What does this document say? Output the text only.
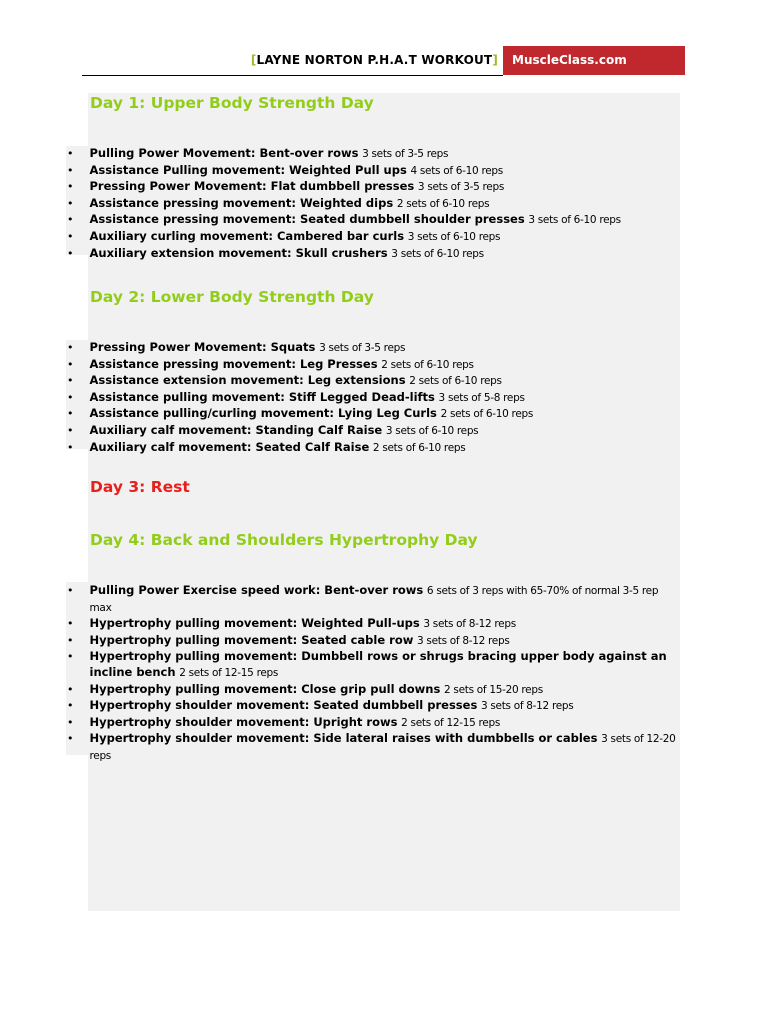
[LAYNE NORTON P.H.A.T WORKOUT]	MuscleClass.com
Day 1: Upper Body Strength Day
• Pulling Power Movement: Bent-over rows 3 sets of 3-5 reps
• Assistance Pulling movement: Weighted Pull ups 4 sets of 6-10 reps
• Pressing Power Movement: Flat dumbbell presses 3 sets of 3-5 reps
• Assistance pressing movement: Weighted dips 2 sets of 6-10 reps
• Assistance pressing movement: Seated dumbbell shoulder presses 3 sets of 6-10 reps
• Auxiliary curling movement: Cambered bar curls 3 sets of 6-10 reps
• Auxiliary extension movement: Skull crushers 3 sets of 6-10 reps
Day 2: Lower Body Strength Day
• Pressing Power Movement: Squats 3 sets of 3-5 reps
• Assistance pressing movement: Leg Presses 2 sets of 6-10 reps
• Assistance extension movement: Leg extensions 2 sets of 6-10 reps
• Assistance pulling movement: Stiff Legged Dead-lifts 3 sets of 5-8 reps
• Assistance pulling/curling movement: Lying Leg Curls 2 sets of 6-10 reps
• Auxiliary calf movement: Standing Calf Raise 3 sets of 6-10 reps
• Auxiliary calf movement: Seated Calf Raise 2 sets of 6-10 reps
Day 3: Rest
Day 4: Back and Shoulders Hypertrophy Day
• Pulling Power Exercise speed work: Bent-over rows 6 sets of 3 reps with 65-70% of normal 3-5 rep max
• Hypertrophy pulling movement: Weighted Pull-ups 3 sets of 8-12 reps
• Hypertrophy pulling movement: Seated cable row 3 sets of 8-12 reps
• Hypertrophy pulling movement: Dumbbell rows or shrugs bracing upper body against an incline bench 2 sets of 12-15 reps
• Hypertrophy pulling movement: Close grip pull downs 2 sets of 15-20 reps
• Hypertrophy shoulder movement: Seated dumbbell presses 3 sets of 8-12 reps
• Hypertrophy shoulder movement: Upright rows 2 sets of 12-15 reps
• Hypertrophy shoulder movement: Side lateral raises with dumbbells or cables 3 sets of 12-20 reps
